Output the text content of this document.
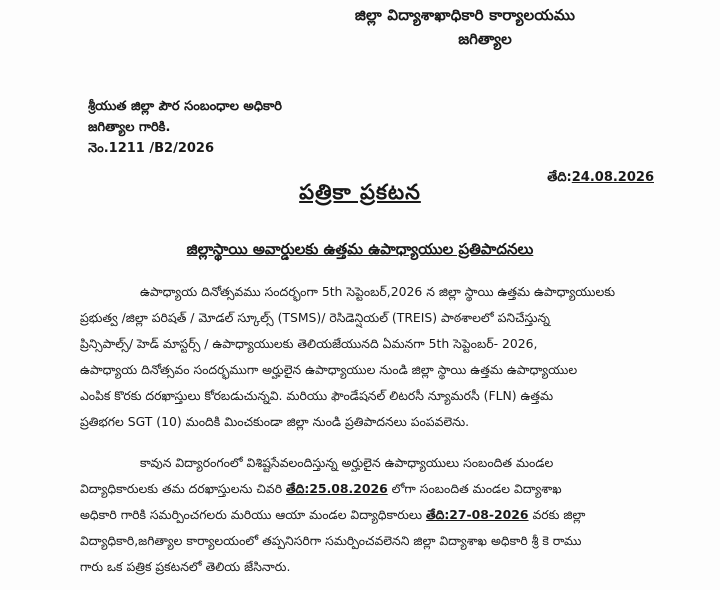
జిల్లా విద్యాశాఖాధికారి కార్యాలయము
జగిత్యాల
శ్రీయుత జిల్లా పౌర సంబంధాల అధికారి
జగిత్యాల గారికి.
నెం.1211 /B2/2026
తేది:24.08.2026
పత్రికా ప్రకటన
జిల్లాస్థాయి అవార్డులకు ఉత్తమ ఉపాధ్యాయుల ప్రతిపాదనలు
ఉపాధ్యాయ దినోత్సవము సందర్భంగా 5th సెప్టెంబర్,2026 న జిల్లా స్థాయి ఉత్తమ ఉపాధ్యాయులకు
ప్రభుత్వ /జిల్లా పరిషత్ / మోడల్ స్కూల్స్ (TSMS)/ రెసిడెన్షియల్ (TREIS) పాఠశాలలో పనిచేస్తున్న
ప్రిన్సిపాల్స్/ హెడ్ మాస్టర్స్ / ఉపాధ్యాయులకు తెలియజేయునది ఏమనగా 5th సెప్టెంబర్- 2026,
ఉపాధ్యాయ దినోత్సవం సందర్భముగా అర్హులైన ఉపాధ్యాయుల నుండి జిల్లా స్థాయి ఉత్తమ ఉపాధ్యాయుల
ఎంపిక కొరకు దరఖాస్తులు కోరబడుచున్నవి. మరియు ఫౌండేషనల్ లిటరసీ న్యూమరసీ (FLN) ఉత్తమ
ప్రతిభగల SGT (10) మందికి మించకుండా జిల్లా నుండి ప్రతిపాదనలు పంపవలెను.
కావున విద్యారంగంలో విశిష్టసేవలందిస్తున్న అర్హులైన ఉపాధ్యాయులు సంబందిత మండల
విద్యాధికారులకు తమ దరఖాస్తులను చివరి తేది:25.08.2026 లోగా సంబందిత మండల విద్యాశాఖ
అధికారి గారికి సమర్పించగలరు మరియు ఆయా మండల విద్యాధికారులు తేది:27-08-2026 వరకు జిల్లా
విద్యాధికారి,జగిత్యాల కార్యాలయంలో తప్పనిసరిగా సమర్పించవలెనని జిల్లా విద్యాశాఖ అధికారి శ్రీ కె రాము
గారు ఒక పత్రిక ప్రకటనలో తెలియ జేసినారు.
